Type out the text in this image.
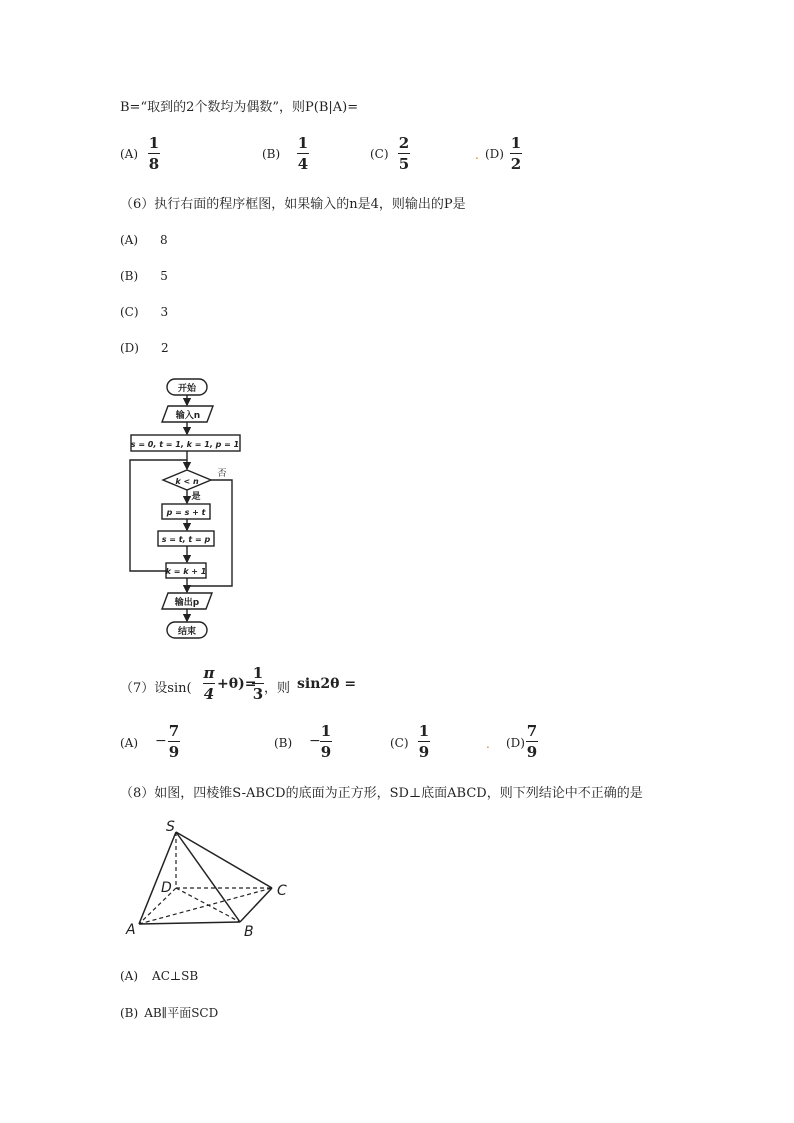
B=“取到的2个数均为偶数”，则P(B|A)=
(A)
1
8
(B)
1
4
(C)
2
5	. (D)
1
2
（6）执行右面的程序框图，如果输入的n是4，则输出的P是
(A) 8
(B) 5
(C) 3
(D) 2
开始
输入n
s = 0, t = 1, k = 1, p = 1
k < n
否
是
p = s + t
s = t, t = p
k = k + 1
输出p
结束
（7）设sin(
π
4
+θ)=
1
3 ，则 sin2θ =
(A) −
7
9	(B) −
1
9	(C)
1
9	. (D)
7
9
（8）如图，四棱锥S-ABCD的底面为正方形，SD⊥底面ABCD，则下列结论中不正确的是
S
D	C
A	B
(A) AC⊥SB
(B) AB∥平面SCD
